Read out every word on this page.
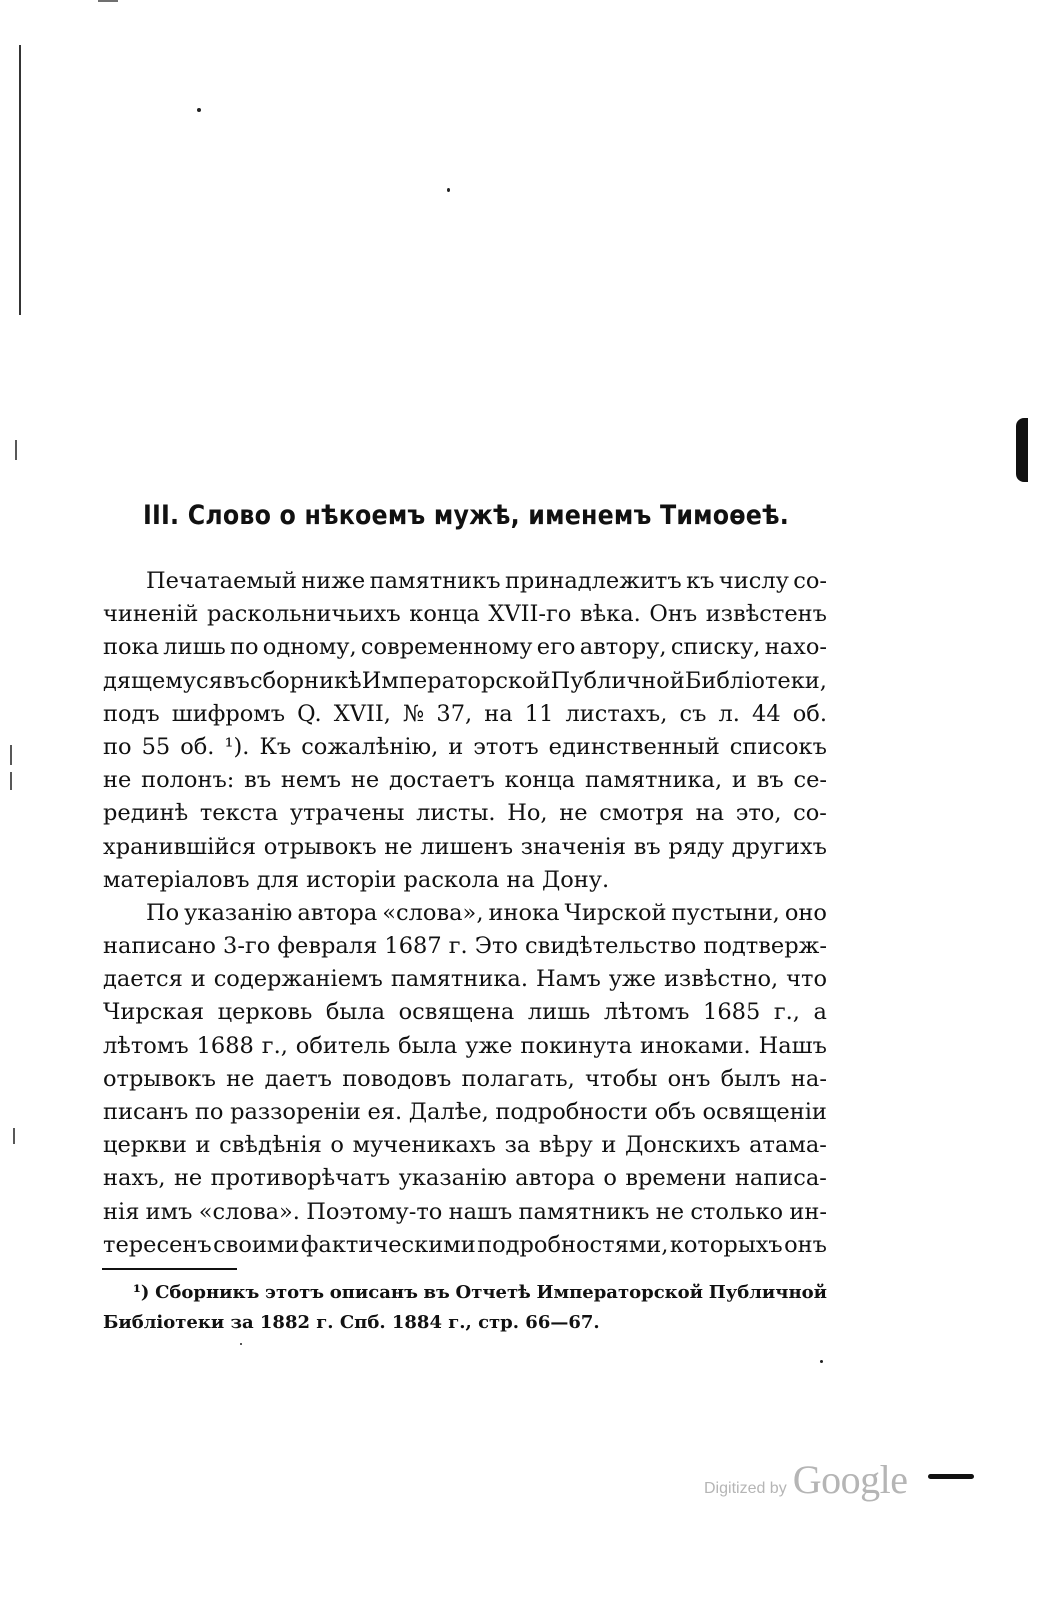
III. Слово о нѣкоемъ мужѣ, именемъ Тимоѳеѣ.
Печатаемый ниже памятникъ принадлежитъ къ числу со-
чиненій раскольничьихъ конца XVII-го вѣка. Онъ извѣстенъ
пока лишь по одному, современному его автору, списку, нахо-
дящемуся въ сборникѣ Императорской Публичной Библіотеки,
подъ шифромъ Q. XVII, № 37, на 11 листахъ, съ л. 44 об.
по 55 об. ¹). Къ сожалѣнію, и этотъ единственный списокъ
не полонъ: въ немъ не достаетъ конца памятника, и въ се-
рединѣ текста утрачены листы. Но, не смотря на это, со-
хранившійся отрывокъ не лишенъ значенія въ ряду другихъ
матеріаловъ для исторіи раскола на Дону.
По указанію автора «слова», инока Чирской пустыни, оно
написано 3-го февраля 1687 г. Это свидѣтельство подтверж-
дается и содержаніемъ памятника. Намъ уже извѣстно, что
Чирская церковь была освящена лишь лѣтомъ 1685 г., а
лѣтомъ 1688 г., обитель была уже покинута иноками. Нашъ
отрывокъ не даетъ поводовъ полагать, чтобы онъ былъ на-
писанъ по раззореніи ея. Далѣе, подробности объ освященіи
церкви и свѣдѣнія о мученикахъ за вѣру и Донскихъ атама-
нахъ, не противорѣчатъ указанію автора о времени написа-
нія имъ «слова». Поэтому-то нашъ памятникъ не столько ин-
тересенъ своими фактическими подробностями, которыхъ онъ
¹) Сборникъ этотъ описанъ въ Отчетѣ Императорской Публичной
Библіотеки за 1882 г. Спб. 1884 г., стр. 66—67.
Digitized by Google
